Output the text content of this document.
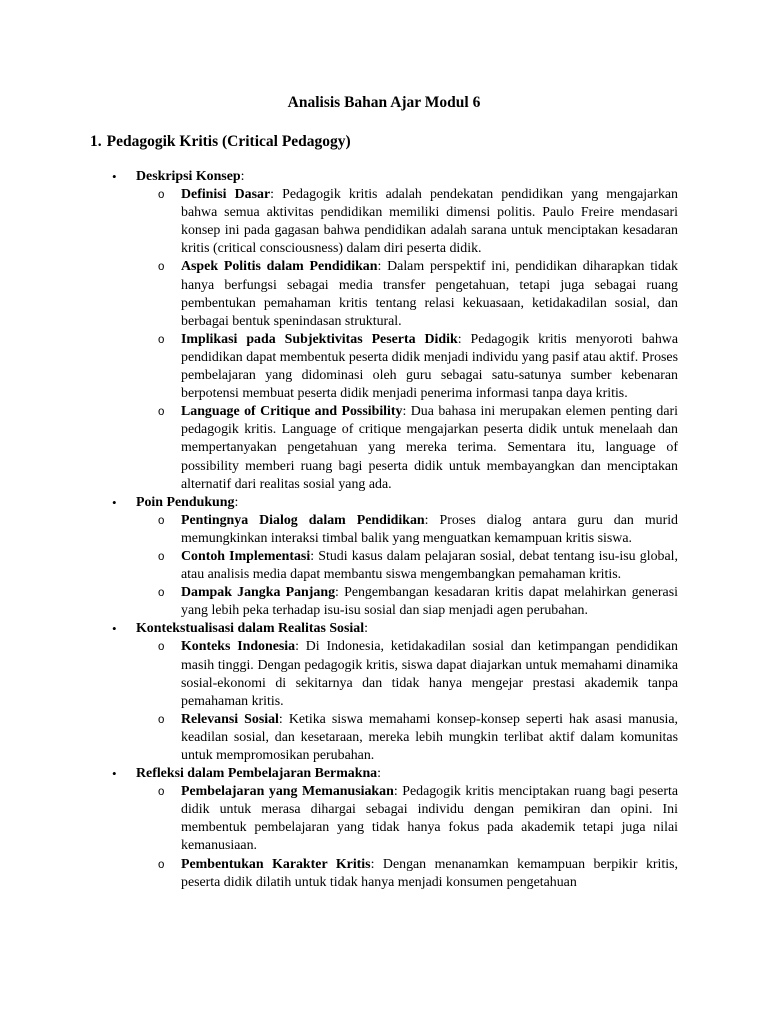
Analisis Bahan Ajar Modul 6
1. Pedagogik Kritis (Critical Pedagogy)
•	Deskripsi Konsep:
o Definisi Dasar: Pedagogik kritis adalah pendekatan pendidikan yang mengajarkan bahwa semua aktivitas pendidikan memiliki dimensi politis. Paulo Freire mendasari konsep ini pada gagasan bahwa pendidikan adalah sarana untuk menciptakan kesadaran kritis (critical consciousness) dalam diri peserta didik.
o Aspek Politis dalam Pendidikan: Dalam perspektif ini, pendidikan diharapkan tidak hanya berfungsi sebagai media transfer pengetahuan, tetapi juga sebagai ruang pembentukan pemahaman kritis tentang relasi kekuasaan, ketidakadilan sosial, dan berbagai bentuk spenindasan struktural.
o Implikasi pada Subjektivitas Peserta Didik: Pedagogik kritis menyoroti bahwa pendidikan dapat membentuk peserta didik menjadi individu yang pasif atau aktif. Proses pembelajaran yang didominasi oleh guru sebagai satu-satunya sumber kebenaran berpotensi membuat peserta didik menjadi penerima informasi tanpa daya kritis.
o Language of Critique and Possibility: Dua bahasa ini merupakan elemen penting dari pedagogik kritis. Language of critique mengajarkan peserta didik untuk menelaah dan mempertanyakan pengetahuan yang mereka terima. Sementara itu, language of possibility memberi ruang bagi peserta didik untuk membayangkan dan menciptakan alternatif dari realitas sosial yang ada.
•	Poin Pendukung:
o Pentingnya Dialog dalam Pendidikan: Proses dialog antara guru dan murid memungkinkan interaksi timbal balik yang menguatkan kemampuan kritis siswa.
o Contoh Implementasi: Studi kasus dalam pelajaran sosial, debat tentang isu-isu global, atau analisis media dapat membantu siswa mengembangkan pemahaman kritis.
o Dampak Jangka Panjang: Pengembangan kesadaran kritis dapat melahirkan generasi yang lebih peka terhadap isu-isu sosial dan siap menjadi agen perubahan.
•	Kontekstualisasi dalam Realitas Sosial:
o Konteks Indonesia: Di Indonesia, ketidakadilan sosial dan ketimpangan pendidikan masih tinggi. Dengan pedagogik kritis, siswa dapat diajarkan untuk memahami dinamika sosial-ekonomi di sekitarnya dan tidak hanya mengejar prestasi akademik tanpa pemahaman kritis.
o Relevansi Sosial: Ketika siswa memahami konsep-konsep seperti hak asasi manusia, keadilan sosial, dan kesetaraan, mereka lebih mungkin terlibat aktif dalam komunitas untuk mempromosikan perubahan.
•	Refleksi dalam Pembelajaran Bermakna:
o Pembelajaran yang Memanusiakan: Pedagogik kritis menciptakan ruang bagi peserta didik untuk merasa dihargai sebagai individu dengan pemikiran dan opini. Ini membentuk pembelajaran yang tidak hanya fokus pada akademik tetapi juga nilai kemanusiaan.
o Pembentukan Karakter Kritis: Dengan menanamkan kemampuan berpikir kritis, peserta didik dilatih untuk tidak hanya menjadi konsumen pengetahuan
